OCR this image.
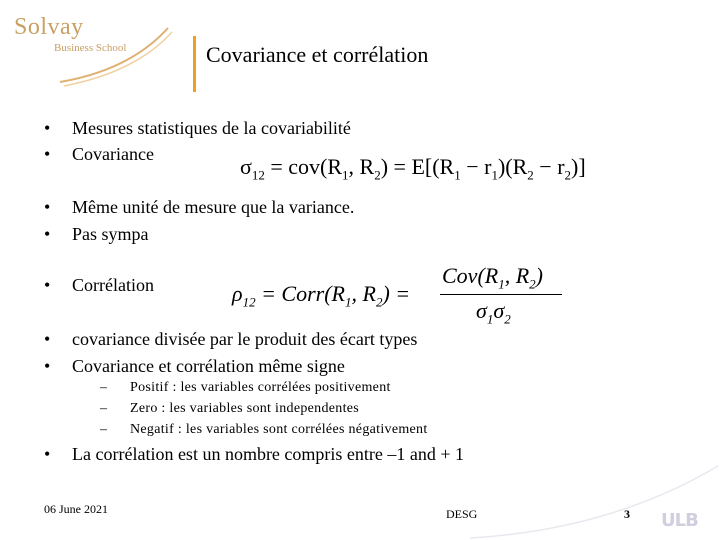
Solvay
Business School	Covariance et corrélation
• Mesures statistiques de la covariabilité
• Covariance	$\sigma_{12} = cov(R_1$, $R_2) = E[(R_1 - r_1)(R_2 - r_2)]$
• Même unité de mesure que la variance.
• Pas sympa
• Corrélation	$\rho_{12}$ = $Corr(R_1$, $R_2$) =
$Cov(R_1$, $R_2$)
$\sigma_1\sigma_2$
• covariance divisée par le produit des écart types
• Covariance et corrélation même signe
– Positif : les variables corrélées positivement
– Zero : les variables sont independentes
– Negatif : les variables sont corrélées négativement
• La corrélation est un nombre compris entre –1 and + 1
06 June 2021	DESG	3 ULB
